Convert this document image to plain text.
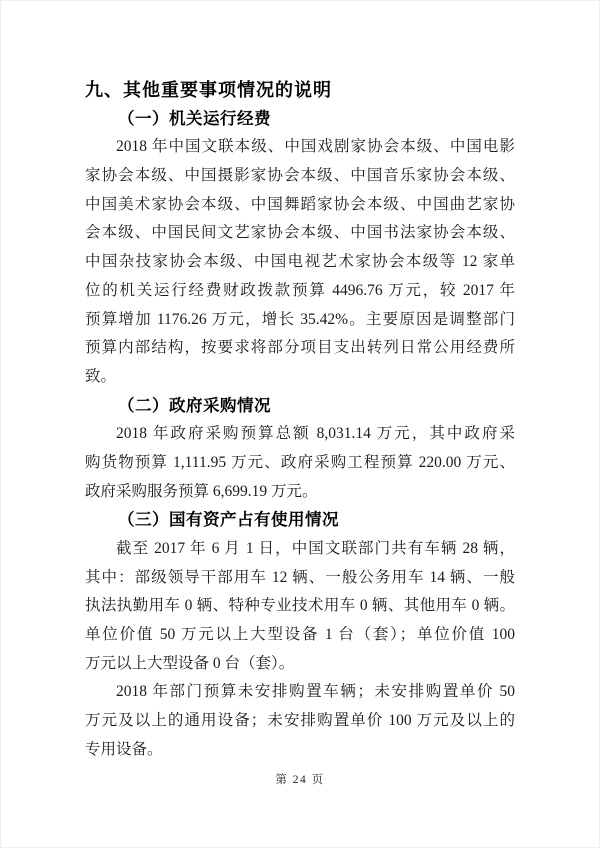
九、其他重要事项情况的说明
（一）机关运行经费
2018 年中国文联本级、中国戏剧家协会本级、中国电影
家协会本级、中国摄影家协会本级、中国音乐家协会本级、
中国美术家协会本级、中国舞蹈家协会本级、中国曲艺家协
会本级、中国民间文艺家协会本级、中国书法家协会本级、
中国杂技家协会本级、中国电视艺术家协会本级等 12 家单
位的机关运行经费财政拨款预算 4496.76 万元，较 2017 年
预算增加 1176.26 万元，增长 35.42%。主要原因是调整部门
预算内部结构，按要求将部分项目支出转列日常公用经费所
致。
（二）政府采购情况
2018 年政府采购预算总额 8,031.14 万元，其中政府采
购货物预算 1,111.95 万元、政府采购工程预算 220.00 万元、
政府采购服务预算 6,699.19 万元。
（三）国有资产占有使用情况
截至 2017 年 6 月 1 日，中国文联部门共有车辆 28 辆，
其中：部级领导干部用车 12 辆、一般公务用车 14 辆、一般
执法执勤用车 0 辆、特种专业技术用车 0 辆、其他用车 0 辆。
单位价值 50 万元以上大型设备 1 台（套）；单位价值 100
万元以上大型设备 0 台（套）。
2018 年部门预算未安排购置车辆；未安排购置单价 50
万元及以上的通用设备；未安排购置单价 100 万元及以上的
专用设备。
第 24 页
